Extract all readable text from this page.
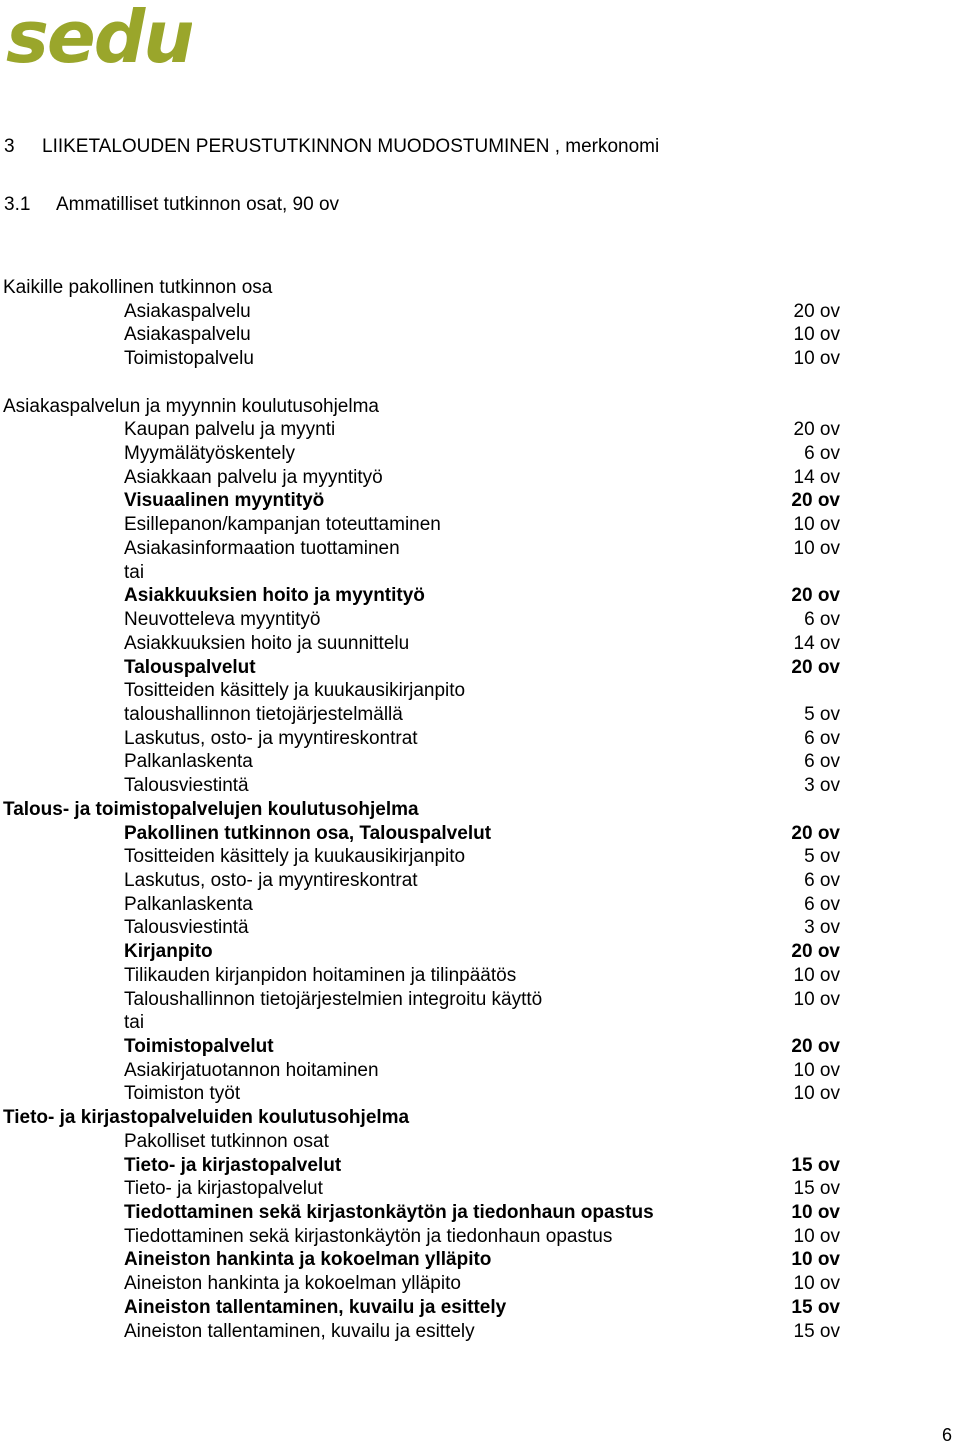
sedu
3 LIIKETALOUDEN PERUSTUTKINNON MUODOSTUMINEN , merkonomi
3.1 Ammatilliset tutkinnon osat, 90 ov
Kaikille pakollinen tutkinnon osa
Asiakaspalvelu	20 ov
Asiakaspalvelu	10 ov
Toimistopalvelu	10 ov
Asiakaspalvelun ja myynnin koulutusohjelma
Kaupan palvelu ja myynti	20 ov
Myymälätyöskentely	6 ov
Asiakkaan palvelu ja myyntityö	14 ov
Visuaalinen myyntityö	20 ov
Esillepanon/kampanjan toteuttaminen	10 ov
Asiakasinformaation tuottaminen	10 ov
tai
Asiakkuuksien hoito ja myyntityö	20 ov
Neuvotteleva myyntityö	6 ov
Asiakkuuksien hoito ja suunnittelu	14 ov
Talouspalvelut	20 ov
Tositteiden käsittely ja kuukausikirjanpito
taloushallinnon tietojärjestelmällä	5 ov
Laskutus, osto- ja myyntireskontrat	6 ov
Palkanlaskenta	6 ov
Talousviestintä	3 ov
Talous- ja toimistopalvelujen koulutusohjelma
Pakollinen tutkinnon osa, Talouspalvelut	20 ov
Tositteiden käsittely ja kuukausikirjanpito	5 ov
Laskutus, osto- ja myyntireskontrat	6 ov
Palkanlaskenta	6 ov
Talousviestintä	3 ov
Kirjanpito	20 ov
Tilikauden kirjanpidon hoitaminen ja tilinpäätös	10 ov
Taloushallinnon tietojärjestelmien integroitu käyttö	10 ov
tai
Toimistopalvelut	20 ov
Asiakirjatuotannon hoitaminen	10 ov
Toimiston työt	10 ov
Tieto- ja kirjastopalveluiden koulutusohjelma
Pakolliset tutkinnon osat
Tieto- ja kirjastopalvelut	15 ov
Tieto- ja kirjastopalvelut	15 ov
Tiedottaminen sekä kirjastonkäytön ja tiedonhaun opastus	10 ov
Tiedottaminen sekä kirjastonkäytön ja tiedonhaun opastus	10 ov
Aineiston hankinta ja kokoelman ylläpito	10 ov
Aineiston hankinta ja kokoelman ylläpito	10 ov
Aineiston tallentaminen, kuvailu ja esittely	15 ov
Aineiston tallentaminen, kuvailu ja esittely	15 ov
6
